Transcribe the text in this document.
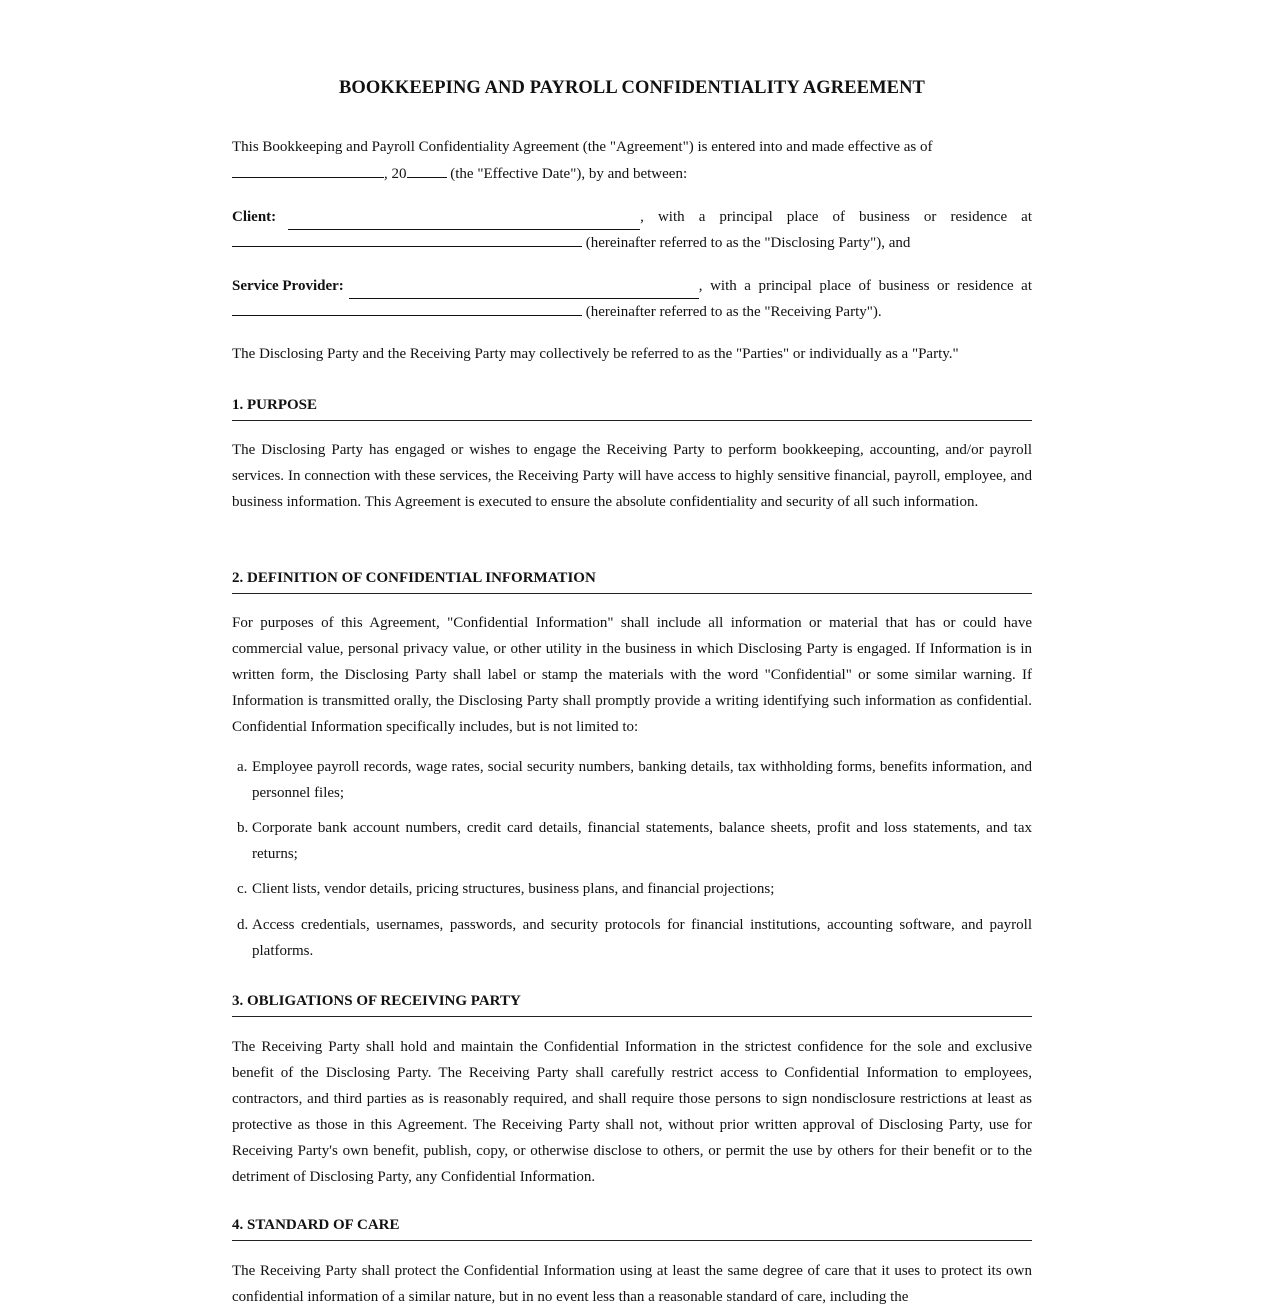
BOOKKEEPING AND PAYROLL CONFIDENTIALITY AGREEMENT
This Bookkeeping and Payroll Confidentiality Agreement (the "Agreement") is entered into and made effective as of
, 20	(the "Effective Date"), by and between:
Client:	, with a principal place of business or residence at
(hereinafter referred to as the "Disclosing Party"), and
Service Provider:	, with a principal place of business or residence at
(hereinafter referred to as the "Receiving Party").
The Disclosing Party and the Receiving Party may collectively be referred to as the "Parties" or individually as a "Party."
1. PURPOSE
The Disclosing Party has engaged or wishes to engage the Receiving Party to perform bookkeeping, accounting, and/or payroll services. In connection with these services, the Receiving Party will have access to highly sensitive financial, payroll, employee, and business information. This Agreement is executed to ensure the absolute confidentiality and security of all such information.
2. DEFINITION OF CONFIDENTIAL INFORMATION
For purposes of this Agreement, "Confidential Information" shall include all information or material that has or could have commercial value, personal privacy value, or other utility in the business in which Disclosing Party is engaged. If Information is in written form, the Disclosing Party shall label or stamp the materials with the word "Confidential" or some similar warning. If Information is transmitted orally, the Disclosing Party shall promptly provide a writing identifying such information as confidential. Confidential Information specifically includes, but is not limited to:
a. Employee payroll records, wage rates, social security numbers, banking details, tax withholding forms, benefits information, and personnel files;
b. Corporate bank account numbers, credit card details, financial statements, balance sheets, profit and loss statements, and tax returns;
c. Client lists, vendor details, pricing structures, business plans, and financial projections;
d. Access credentials, usernames, passwords, and security protocols for financial institutions, accounting software, and payroll platforms.
3. OBLIGATIONS OF RECEIVING PARTY
The Receiving Party shall hold and maintain the Confidential Information in the strictest confidence for the sole and exclusive benefit of the Disclosing Party. The Receiving Party shall carefully restrict access to Confidential Information to employees, contractors, and third parties as is reasonably required, and shall require those persons to sign nondisclosure restrictions at least as protective as those in this Agreement. The Receiving Party shall not, without prior written approval of Disclosing Party, use for Receiving Party's own benefit, publish, copy, or otherwise disclose to others, or permit the use by others for their benefit or to the detriment of Disclosing Party, any Confidential Information.
4. STANDARD OF CARE
The Receiving Party shall protect the Confidential Information using at least the same degree of care that it uses to protect its own confidential information of a similar nature, but in no event less than a reasonable standard of care, including the
